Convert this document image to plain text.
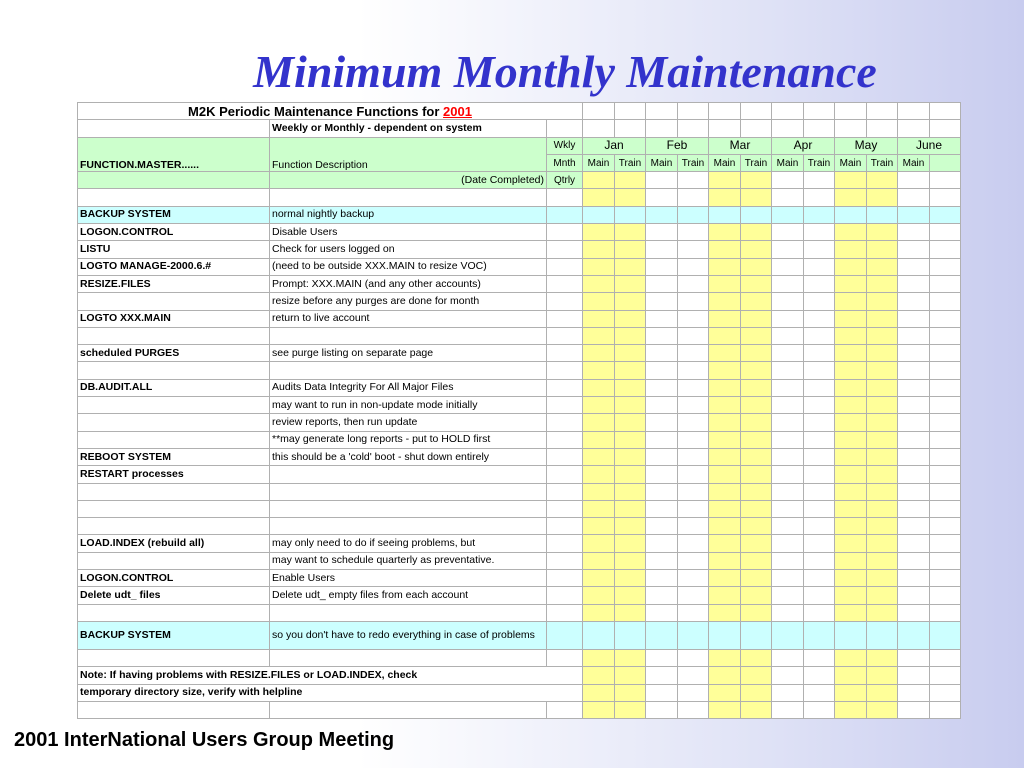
Minimum Monthly Maintenance
M2K Periodic Maintenance Functions for 2001														
	Weekly or Monthly - dependent on system													
FUNCTION.MASTER......	Function Description	Wkly	Jan		Feb		Mar		Apr		May		June	
		Mnth	Main	Train	Main	Train	Main	Train	Main	Train	Main	Train	Main	
	(Date Completed)	Qtrly												

BACKUP SYSTEM	normal nightly backup													
LOGON.CONTROL	Disable Users													
LISTU	Check for users logged on													
LOGTO MANAGE-2000.6.#	(need to be outside XXX.MAIN to resize VOC)													
RESIZE.FILES	Prompt: XXX.MAIN (and any other accounts)													
	resize before any purges are done for month													
LOGTO XXX.MAIN	return to live account													

scheduled PURGES	see purge listing on separate page													

DB.AUDIT.ALL	Audits Data Integrity For All Major Files													
	may want to run in non-update mode initially													
	review reports, then run update													
	**may generate long reports - put to HOLD first													
REBOOT SYSTEM	this should be a 'cold' boot - shut down entirely													
RESTART processes														

LOAD.INDEX (rebuild all)	may only need to do if seeing problems, but													
	may want to schedule quarterly as preventative.													
LOGON.CONTROL	Enable Users													
Delete udt_ files	Delete udt_ empty files from each account													

BACKUP SYSTEM	so you don't have to redo everything in case of problems													

Note: If having problems with RESIZE.FILES or LOAD.INDEX, check														
temporary directory size, verify with helpline														

2001 InterNational Users Group Meeting
